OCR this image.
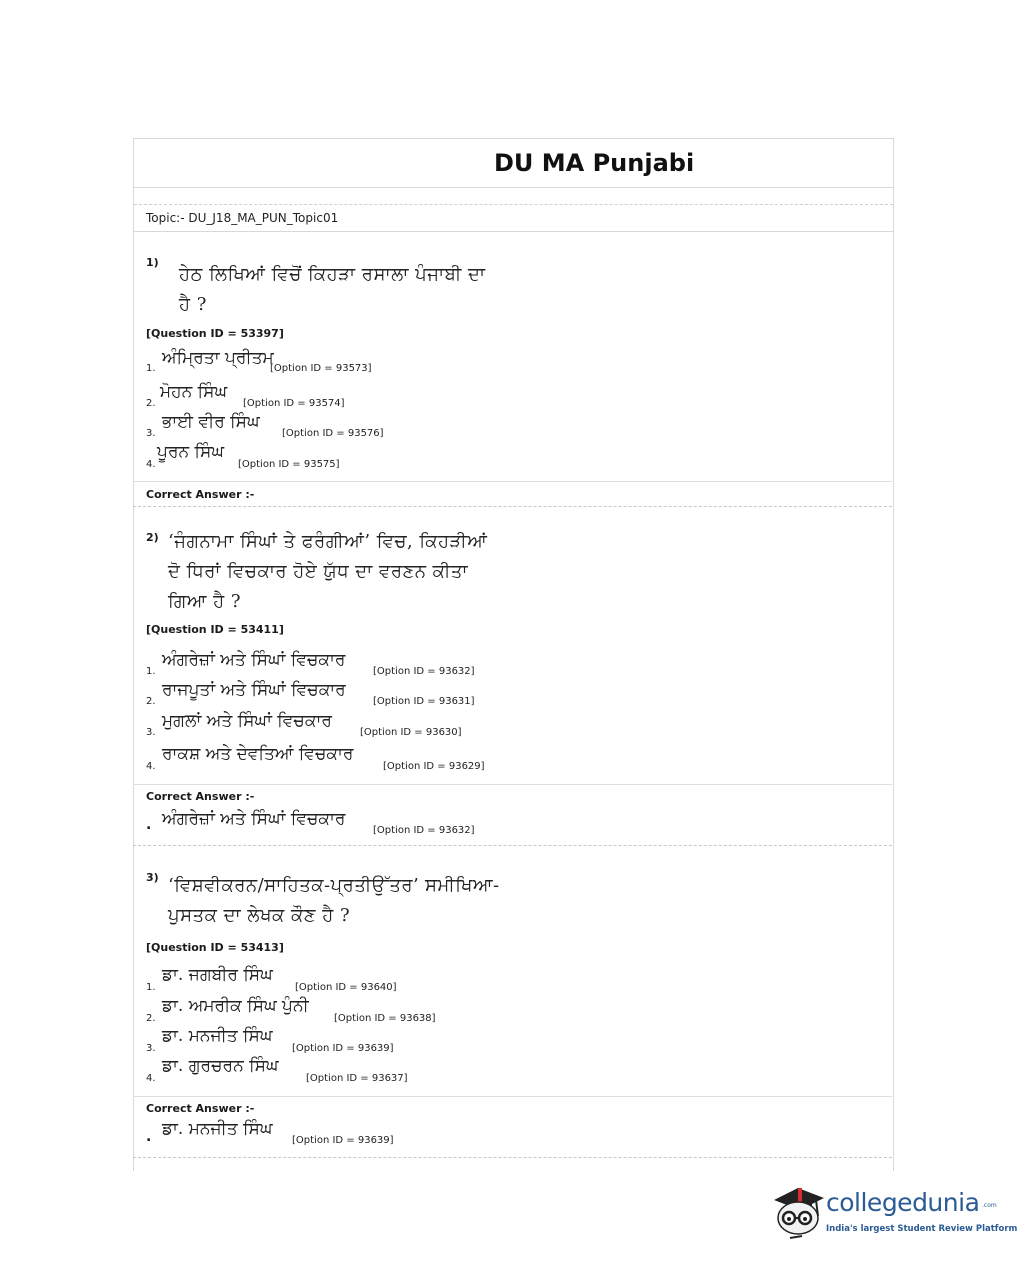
DU MA Punjabi
Topic:- DU_J18_MA_PUN_Topic01
1)
ਹੇਠ ਲਿਖਿਆਂ ਵਿਚੋਂ ਕਿਹੜਾ ਰਸਾਲਾ ਪੰਜਾਬੀ ਦਾ
ਹੈ ?
[Question ID = 53397]
1.
ਅੰਮ੍ਰਿਤਾ ਪ੍ਰੀਤਮ
[Option ID = 93573]
2.
ਮੋਹਨ ਸਿੰਘ
[Option ID = 93574]
3.
ਭਾਈ ਵੀਰ ਸਿੰਘ
[Option ID = 93576]
4.
ਪੂਰਨ ਸਿੰਘ
[Option ID = 93575]
Correct Answer :-
2) ‘ਜੰਗਨਾਮਾ ਸਿੰਘਾਂ ਤੇ ਫਰੰਗੀਆਂ’ ਵਿਚ, ਕਿਹੜੀਆਂ
ਦੋ ਧਿਰਾਂ ਵਿਚਕਾਰ ਹੋਏ ਯੁੱਧ ਦਾ ਵਰਣਨ ਕੀਤਾ
ਗਿਆ ਹੈ ?
[Question ID = 53411]
1.
ਅੰਗਰੇਜ਼ਾਂ ਅਤੇ ਸਿੰਘਾਂ ਵਿਚਕਾਰ
[Option ID = 93632]
2.
ਰਾਜਪੂਤਾਂ ਅਤੇ ਸਿੰਘਾਂ ਵਿਚਕਾਰ
[Option ID = 93631]
3.
ਮੁਗਲਾਂ ਅਤੇ ਸਿੰਘਾਂ ਵਿਚਕਾਰ
[Option ID = 93630]
4.
ਰਾਕਸ਼ ਅਤੇ ਦੇਵਤਿਆਂ ਵਿਚਕਾਰ
[Option ID = 93629]
Correct Answer :-
. ਅੰਗਰੇਜ਼ਾਂ ਅਤੇ ਸਿੰਘਾਂ ਵਿਚਕਾਰ
[Option ID = 93632]
3) ‘ਵਿਸ਼ਵੀਕਰਨ/ਸਾਹਿਤਕ-ਪ੍ਰਤੀਉੱਤਰ’ ਸਮੀਖਿਆ-
ਪੁਸਤਕ ਦਾ ਲੇਖਕ ਕੌਣ ਹੈ ?
[Question ID = 53413]
1.
ਡਾ. ਜਗਬੀਰ ਸਿੰਘ
[Option ID = 93640]
2.
ਡਾ. ਅਮਰੀਕ ਸਿੰਘ ਪੁੰਨੀ
[Option ID = 93638]
3.
ਡਾ. ਮਨਜੀਤ ਸਿੰਘ
[Option ID = 93639]
4.
ਡਾ. ਗੁਰਚਰਨ ਸਿੰਘ
[Option ID = 93637]
Correct Answer :-
. ਡਾ. ਮਨਜੀਤ ਸਿੰਘ
[Option ID = 93639]
collegedunia .com
India's largest Student Review Platform
